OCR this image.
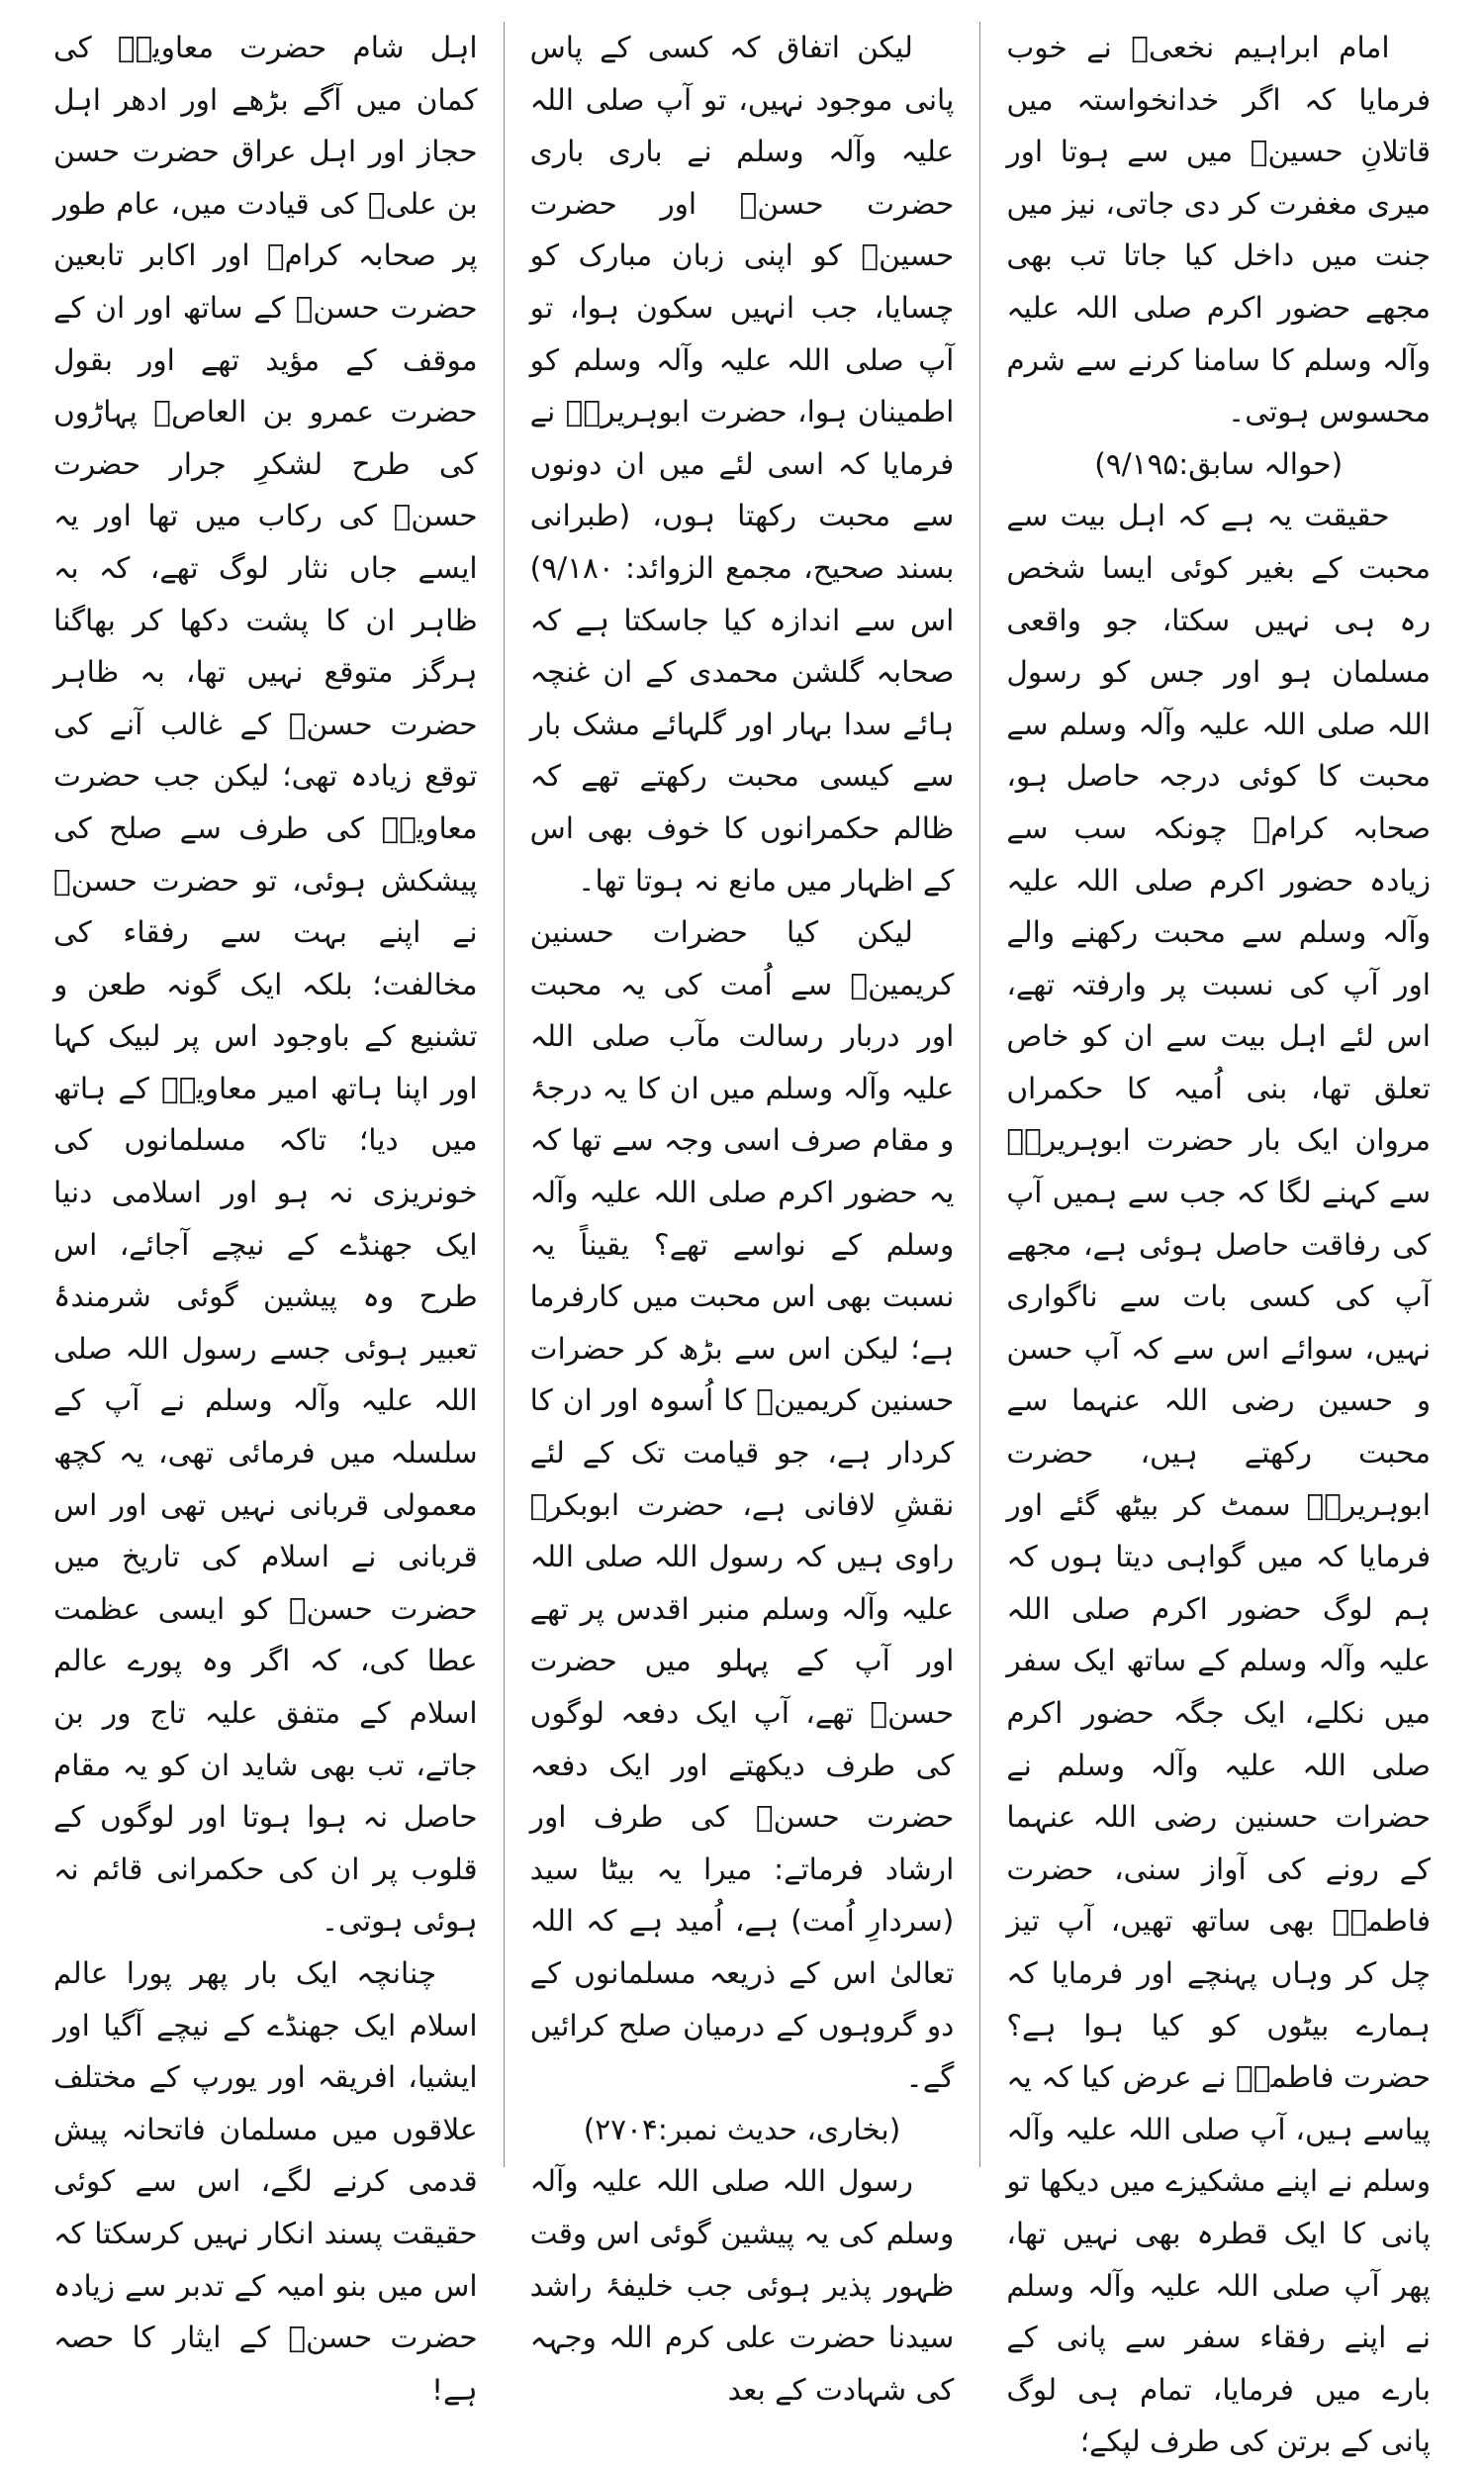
امام ابراہیم نخعیؒ نے خوب فرمایا کہ اگر خدانخواستہ میں قاتلانِ حسینؓ میں سے ہوتا اور میری مغفرت کر دی جاتی، نیز میں جنت میں داخل کیا جاتا تب بھی مجھے حضور اکرم صلی اللہ علیہ وآلہ وسلم کا سامنا کرنے سے شرم محسوس ہوتی۔

(حوالہ سابق:۹/۱۹۵)

حقیقت یہ ہے کہ اہل بیت سے محبت کے بغیر کوئی ایسا شخص رہ ہی نہیں سکتا، جو واقعی مسلمان ہو اور جس کو رسول اللہ صلی اللہ علیہ وآلہ وسلم سے محبت کا کوئی درجہ حاصل ہو، صحابہ کرامؓ چونکہ سب سے زیادہ حضور اکرم صلی اللہ علیہ وآلہ وسلم سے محبت رکھنے والے اور آپ کی نسبت پر وارفتہ تھے، اس لئے اہل بیت سے ان کو خاص تعلق تھا، بنی اُمیہ کا حکمراں مروان ایک بار حضرت ابوہریرہؓ سے کہنے لگا کہ جب سے ہمیں آپ کی رفاقت حاصل ہوئی ہے، مجھے آپ کی کسی بات سے ناگواری نہیں، سوائے اس سے کہ آپ حسن و حسین رضی اللہ عنہما سے محبت رکھتے ہیں، حضرت ابوہریرہؓ سمٹ کر بیٹھ گئے اور فرمایا کہ میں گواہی دیتا ہوں کہ ہم لوگ حضور اکرم صلی اللہ علیہ وآلہ وسلم کے ساتھ ایک سفر میں نکلے، ایک جگہ حضور اکرم صلی اللہ علیہ وآلہ وسلم نے حضرات حسنین رضی اللہ عنہما کے رونے کی آواز سنی، حضرت فاطمہؓ بھی ساتھ تھیں، آپ تیز چل کر وہاں پہنچے اور فرمایا کہ ہمارے بیٹوں کو کیا ہوا ہے؟ حضرت فاطمہؓ نے عرض کیا کہ یہ پیاسے ہیں، آپ صلی اللہ علیہ وآلہ وسلم نے اپنے مشکیزے میں دیکھا تو پانی کا ایک قطرہ بھی نہیں تھا، پھر آپ صلی اللہ علیہ وآلہ وسلم نے اپنے رفقاء سفر سے پانی کے بارے میں فرمایا، تمام ہی لوگ پانی کے برتن کی طرف لپکے؛

لیکن اتفاق کہ کسی کے پاس پانی موجود نہیں، تو آپ صلی اللہ علیہ وآلہ وسلم نے باری باری حضرت حسنؓ اور حضرت حسینؓ کو اپنی زبان مبارک کو چسایا، جب انہیں سکون ہوا، تو آپ صلی اللہ علیہ وآلہ وسلم کو اطمینان ہوا، حضرت ابوہریرہؓ نے فرمایا کہ اسی لئے میں ان دونوں سے محبت رکھتا ہوں، (طبرانی بسند صحیح، مجمع الزوائد: ۹/۱۸۰) اس سے اندازہ کیا جاسکتا ہے کہ صحابہ گلشن محمدی کے ان غنچہ ہائے سدا بہار اور گلہائے مشک بار سے کیسی محبت رکھتے تھے کہ ظالم حکمرانوں کا خوف بھی اس کے اظہار میں مانع نہ ہوتا تھا۔

لیکن کیا حضرات حسنین کریمینؓ سے اُمت کی یہ محبت اور دربار رسالت مآب صلی اللہ علیہ وآلہ وسلم میں ان کا یہ درجۂ و مقام صرف اسی وجہ سے تھا کہ یہ حضور اکرم صلی اللہ علیہ وآلہ وسلم کے نواسے تھے؟ یقیناً یہ نسبت بھی اس محبت میں کارفرما ہے؛ لیکن اس سے بڑھ کر حضرات حسنین کریمینؓ کا اُسوہ اور ان کا کردار ہے، جو قیامت تک کے لئے نقشِ لافانی ہے، حضرت ابوبکرؓ راوی ہیں کہ رسول اللہ صلی اللہ علیہ وآلہ وسلم منبر اقدس پر تھے اور آپ کے پہلو میں حضرت حسنؓ تھے، آپ ایک دفعہ لوگوں کی طرف دیکھتے اور ایک دفعہ حضرت حسنؓ کی طرف اور ارشاد فرماتے: میرا یہ بیٹا سید (سردارِ اُمت) ہے، اُمید ہے کہ اللہ تعالیٰ اس کے ذریعہ مسلمانوں کے دو گروہوں کے درمیان صلح کرائیں گے۔

(بخاری، حدیث نمبر:۲۷۰۴)

رسول اللہ صلی اللہ علیہ وآلہ وسلم کی یہ پیشین گوئی اس وقت ظہور پذیر ہوئی جب خلیفۂ راشد سیدنا حضرت علی کرم اللہ وجہہ کی شہادت کے بعد

اہل شام حضرت معاویہؓ کی کمان میں آگے بڑھے اور ادھر اہل حجاز اور اہل عراق حضرت حسن بن علیؓ کی قیادت میں، عام طور پر صحابہ کرامؓ اور اکابر تابعین حضرت حسنؓ کے ساتھ اور ان کے موقف کے مؤید تھے اور بقول حضرت عمرو بن العاصؓ پہاڑوں کی طرح لشکرِ جرار حضرت حسنؓ کی رکاب میں تھا اور یہ ایسے جاں نثار لوگ تھے، کہ بہ ظاہر ان کا پشت دکھا کر بھاگنا ہرگز متوقع نہیں تھا، بہ ظاہر حضرت حسنؓ کے غالب آنے کی توقع زیادہ تھی؛ لیکن جب حضرت معاویہؓ کی طرف سے صلح کی پیشکش ہوئی، تو حضرت حسنؓ نے اپنے بہت سے رفقاء کی مخالفت؛ بلکہ ایک گونہ طعن و تشنیع کے باوجود اس پر لبیک کہا اور اپنا ہاتھ امیر معاویہؓ کے ہاتھ میں دیا؛ تاکہ مسلمانوں کی خونریزی نہ ہو اور اسلامی دنیا ایک جھنڈے کے نیچے آجائے، اس طرح وہ پیشین گوئی شرمندۂ تعبیر ہوئی جسے رسول اللہ صلی اللہ علیہ وآلہ وسلم نے آپ کے سلسلہ میں فرمائی تھی، یہ کچھ معمولی قربانی نہیں تھی اور اس قربانی نے اسلام کی تاریخ میں حضرت حسنؓ کو ایسی عظمت عطا کی، کہ اگر وہ پورے عالم اسلام کے متفق علیہ تاج ور بن جاتے، تب بھی شاید ان کو یہ مقام حاصل نہ ہوا ہوتا اور لوگوں کے قلوب پر ان کی حکمرانی قائم نہ ہوئی ہوتی۔

چنانچہ ایک بار پھر پورا عالم اسلام ایک جھنڈے کے نیچے آگیا اور ایشیا، افریقہ اور یورپ کے مختلف علاقوں میں مسلمان فاتحانہ پیش قدمی کرنے لگے، اس سے کوئی حقیقت پسند انکار نہیں کرسکتا کہ اس میں بنو امیہ کے تدبر سے زیادہ حضرت حسنؓ کے ایثار کا حصہ ہے!
